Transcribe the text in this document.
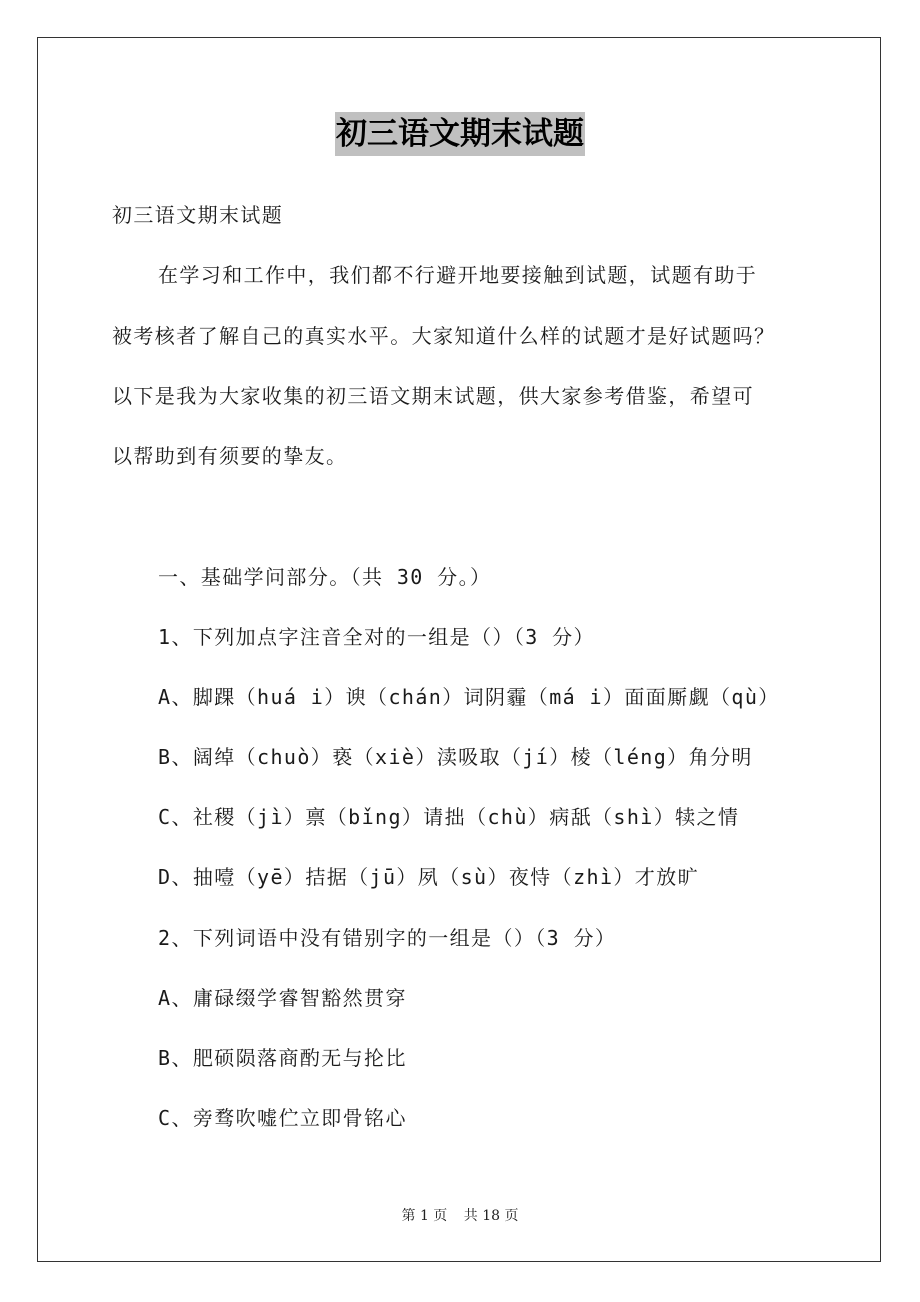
初三语文期末试题
初三语文期末试题
在学习和工作中，我们都不行避开地要接触到试题，试题有助于
被考核者了解自己的真实水平。大家知道什么样的试题才是好试题吗？
以下是我为大家收集的初三语文期末试题，供大家参考借鉴，希望可
以帮助到有须要的挚友。
一、基础学问部分。（共 30 分。）
1、下列加点字注音全对的一组是（）（3 分）
A、脚踝（huá i）谀（chán）词阴霾（má i）面面厮觑（qù）
B、阔绰（chuò）亵（xiè）渎吸取（jí）棱（léng）角分明
C、社稷（jì）禀（bǐng）请拙（chù）病舐（shì）犊之情
D、抽噎（yē）拮据（jū）夙（sù）夜恃（zhì）才放旷
2、下列词语中没有错别字的一组是（）（3 分）
A、庸碌缀学睿智豁然贯穿
B、肥硕陨落商酌无与抡比
C、旁骛吹嘘伫立即骨铭心
第 1 页 共 18 页
